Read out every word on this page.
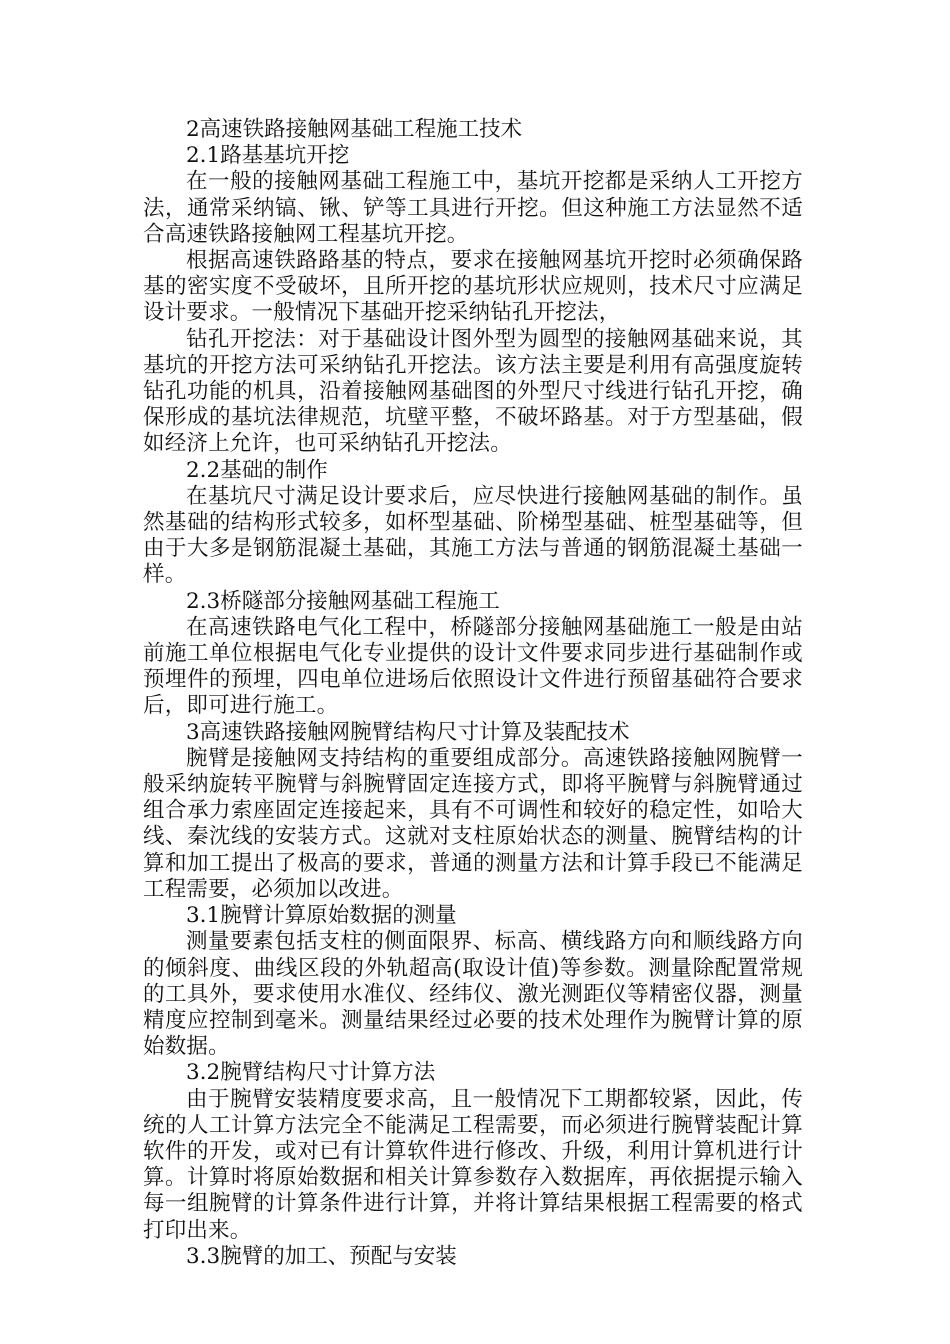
2高速铁路接触网基础工程施工技术

2.1路基基坑开挖

在一般的接触网基础工程施工中，基坑开挖都是采纳人工开挖方法，通常采纳镐、锹、铲等工具进行开挖。但这种施工方法显然不适合高速铁路接触网工程基坑开挖。

根据高速铁路路基的特点，要求在接触网基坑开挖时必须确保路基的密实度不受破坏，且所开挖的基坑形状应规则，技术尺寸应满足设计要求。一般情况下基础开挖采纳钻孔开挖法，

钻孔开挖法：对于基础设计图外型为圆型的接触网基础来说，其基坑的开挖方法可采纳钻孔开挖法。该方法主要是利用有高强度旋转钻孔功能的机具，沿着接触网基础图的外型尺寸线进行钻孔开挖，确保形成的基坑法律规范，坑壁平整，不破坏路基。对于方型基础，假如经济上允许，也可采纳钻孔开挖法。

2.2基础的制作

在基坑尺寸满足设计要求后，应尽快进行接触网基础的制作。虽然基础的结构形式较多，如杯型基础、阶梯型基础、桩型基础等，但由于大多是钢筋混凝土基础，其施工方法与普通的钢筋混凝土基础一样。

2.3桥隧部分接触网基础工程施工

在高速铁路电气化工程中，桥隧部分接触网基础施工一般是由站前施工单位根据电气化专业提供的设计文件要求同步进行基础制作或预埋件的预埋，四电单位进场后依照设计文件进行预留基础符合要求后，即可进行施工。

3高速铁路接触网腕臂结构尺寸计算及装配技术

腕臂是接触网支持结构的重要组成部分。高速铁路接触网腕臂一般采纳旋转平腕臂与斜腕臂固定连接方式，即将平腕臂与斜腕臂通过组合承力索座固定连接起来，具有不可调性和较好的稳定性，如哈大线、秦沈线的安装方式。这就对支柱原始状态的测量、腕臂结构的计算和加工提出了极高的要求，普通的测量方法和计算手段已不能满足工程需要，必须加以改进。

3.1腕臂计算原始数据的测量

测量要素包括支柱的侧面限界、标高、横线路方向和顺线路方向的倾斜度、曲线区段的外轨超高(取设计值)等参数。测量除配置常规的工具外，要求使用水准仪、经纬仪、激光测距仪等精密仪器，测量精度应控制到毫米。测量结果经过必要的技术处理作为腕臂计算的原始数据。

3.2腕臂结构尺寸计算方法

由于腕臂安装精度要求高，且一般情况下工期都较紧，因此，传统的人工计算方法完全不能满足工程需要，而必须进行腕臂装配计算软件的开发，或对已有计算软件进行修改、升级，利用计算机进行计算。计算时将原始数据和相关计算参数存入数据库，再依据提示输入每一组腕臂的计算条件进行计算，并将计算结果根据工程需要的格式打印出来。

3.3腕臂的加工、预配与安装
